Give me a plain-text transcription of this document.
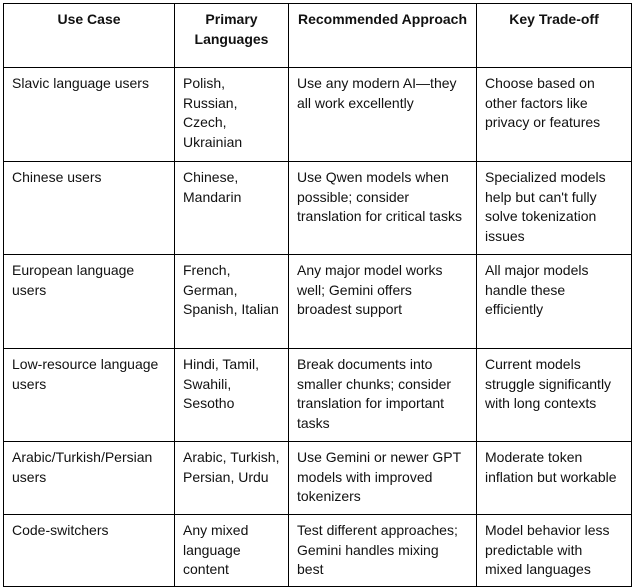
Use Case	Primary Languages	Recommended Approach	Key Trade-off
Slavic language users	Polish, Russian, Czech, Ukrainian	Use any modern AI—they all work excellently	Choose based on other factors like privacy or features
Chinese users	Chinese, Mandarin	Use Qwen models when possible; consider translation for critical tasks	Specialized models help but can't fully solve tokenization issues
European language users	French, German, Spanish, Italian	Any major model works well; Gemini offers broadest support	All major models handle these efficiently
Low-resource language users	Hindi, Tamil, Swahili, Sesotho	Break documents into smaller chunks; consider translation for important tasks	Current models struggle significantly with long contexts
Arabic/Turkish/Persian users	Arabic, Turkish, Persian, Urdu	Use Gemini or newer GPT models with improved tokenizers	Moderate token inflation but workable
Code-switchers	Any mixed language content	Test different approaches; Gemini handles mixing best	Model behavior less predictable with mixed languages
